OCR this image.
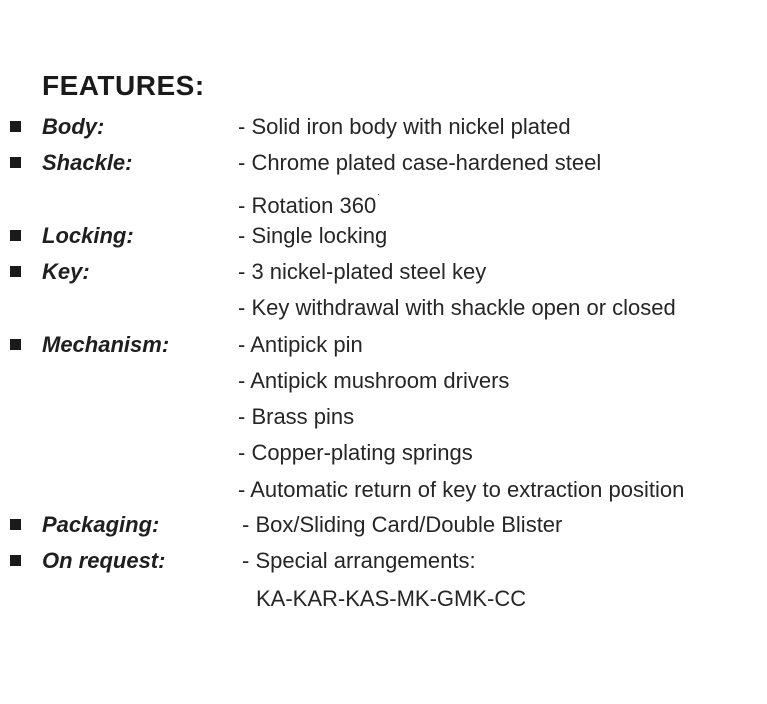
FEATURES:
Body:	- Solid iron body with nickel plated
Shackle:	- Chrome plated case-hardened steel
- Rotation 360˙
Locking:	- Single locking
Key:	- 3 nickel-plated steel key
- Key withdrawal with shackle open or closed
Mechanism:	- Antipick pin
- Antipick mushroom drivers
- Brass pins
- Copper-plating springs
- Automatic return of key to extraction position
Packaging:	- Box/Sliding Card/Double Blister
On request:	- Special arrangements:
KA-KAR-KAS-MK-GMK-CC
